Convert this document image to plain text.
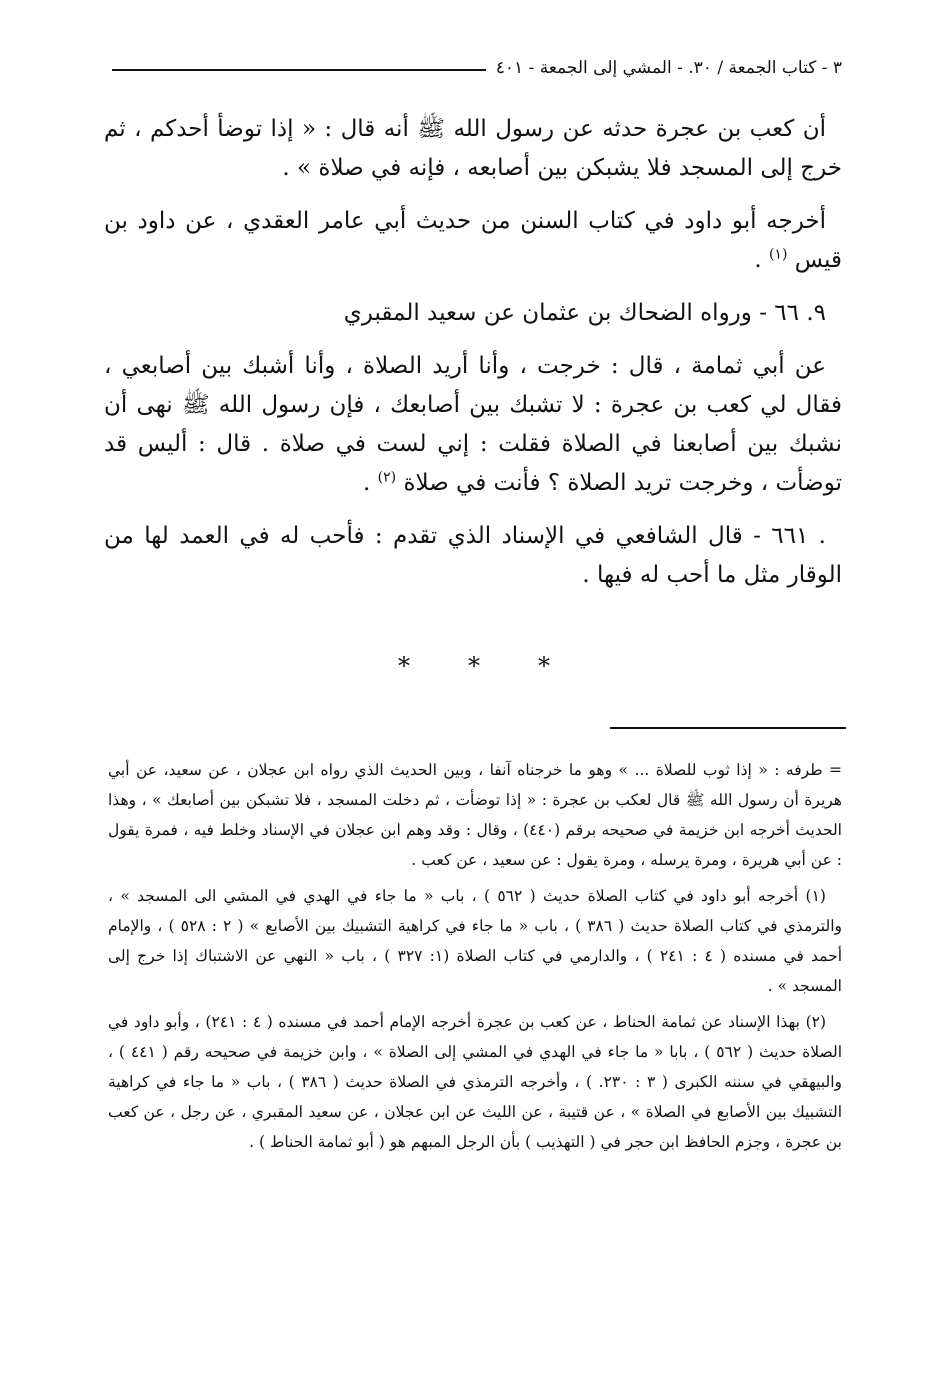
٣ - كتاب الجمعة / ٣٠. - المشي إلى الجمعة - ٤٠١

أن كعب بن عجرة حدثه عن رسول الله ﷺ أنه قال : « إذا توضأ أحدكم ، ثم خرج إلى المسجد فلا يشبكن بين أصابعه ، فإنه في صلاة » .

أخرجه أبو داود في كتاب السنن من حديث أبي عامر العقدي ، عن داود بن قيس $^{(١)}$ .

٩. ٦٦ - ورواه الضحاك بن عثمان عن سعيد المقبري

عن أبي ثمامة ، قال : خرجت ، وأنا أريد الصلاة ، وأنا أشبك بين أصابعي ، فقال لي كعب بن عجرة : لا تشبك بين أصابعك ، فإن رسول الله ﷺ نهى أن نشبك بين أصابعنا في الصلاة فقلت : إني لست في صلاة . قال : أليس قد توضأت ، وخرجت تريد الصلاة ؟ فأنت في صلاة $^{(٢)}$ .

. ٦٦١ - قال الشافعي في الإسناد الذي تقدم : فأحب له في العمد لها من الوقار مثل ما أحب له فيها .

* * *

= طرفه : « إذا ثوب للصلاة ... » وهو ما خرجناه آنفا ، وبين الحديث الذي رواه ابن عجلان ، عن سعيد، عن أبي هريرة أن رسول الله ﷺ قال لعكب بن عجرة : « إذا توضأت ، ثم دخلت المسجد ، فلا تشبكن بين أصابعك » ، وهذا الحديث أخرجه ابن خزيمة في صحيحه برقم (٤٤٠) ، وقال : وقد وهم ابن عجلان في الإسناد وخلط فيه ، فمرة يقول : عن أبي هريرة ، ومرة يرسله ، ومرة يقول : عن سعيد ، عن كعب .

(١) أخرجه أبو داود في كتاب الصلاة حديث ( ٥٦٢ ) ، باب « ما جاء في الهدي في المشي الى المسجد » ، والترمذي في كتاب الصلاة حديث ( ٣٨٦ ) ، باب « ما جاء في كراهية التشبيك بين الأصابع » ( ٢ : ٥٢٨ ) ، والإمام أحمد في مسنده ( ٤ : ٢٤١ ) ، والدارمي في كتاب الصلاة (١: ٣٢٧ ) ، باب « النهي عن الاشتباك إذا خرج إلى المسجد » .

(٢) بهذا الإسناد عن ثمامة الحناط ، عن كعب بن عجرة أخرجه الإمام أحمد في مسنده ( ٤ : ٢٤١) ، وأبو داود في الصلاة حديث ( ٥٦٢ ) ، بابا « ما جاء في الهدي في المشي إلى الصلاة » ، وابن خزيمة في صحيحه رقم ( ٤٤١ ) ، والبيهقي في سننه الكبرى ( ٣ : ٢٣٠. ) ، وأخرجه الترمذي في الصلاة حديث ( ٣٨٦ ) ، باب « ما جاء في كراهية التشبيك بين الأصابع في الصلاة » ، عن قتيبة ، عن الليث عن ابن عجلان ، عن سعيد المقبري ، عن رجل ، عن كعب بن عجرة ، وجزم الحافظ ابن حجر في ( التهذيب ) بأن الرجل المبهم هو ( أبو ثمامة الحناط ) .
